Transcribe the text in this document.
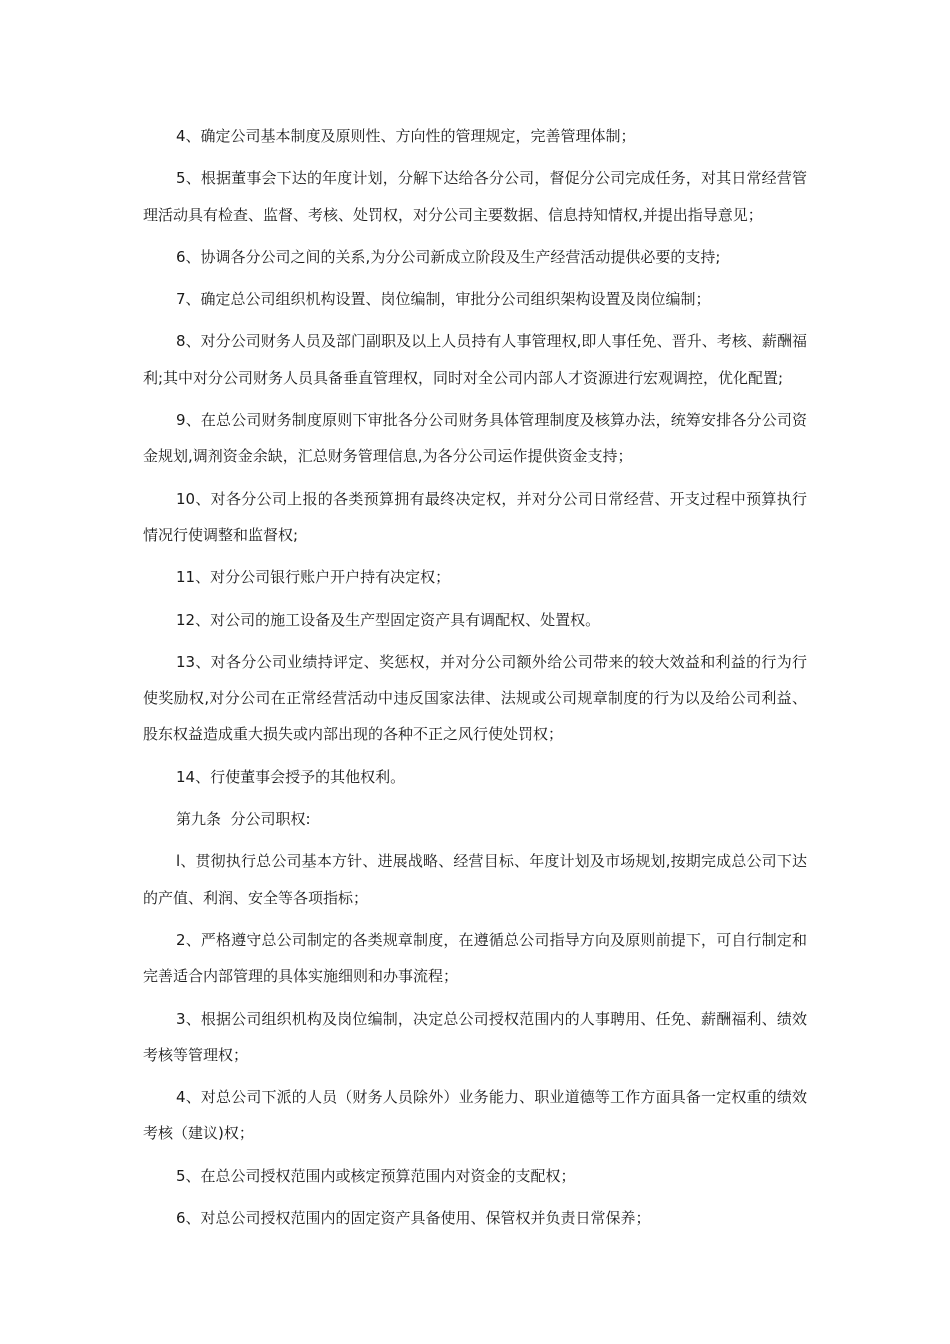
4、确定公司基本制度及原则性、方向性的管理规定，完善管理体制；

5、根据董事会下达的年度计划，分解下达给各分公司，督促分公司完成任务，对其日常经营管理活动具有检查、监督、考核、处罚权，对分公司主要数据、信息持知情权,并提出指导意见；

6、协调各分公司之间的关系,为分公司新成立阶段及生产经营活动提供必要的支持;

7、确定总公司组织机构设置、岗位编制，审批分公司组织架构设置及岗位编制；

8、对分公司财务人员及部门副职及以上人员持有人事管理权,即人事任免、晋升、考核、薪酬福利;其中对分公司财务人员具备垂直管理权，同时对全公司内部人才资源进行宏观调控，优化配置;

9、在总公司财务制度原则下审批各分公司财务具体管理制度及核算办法，统筹安排各分公司资金规划,调剂资金余缺，汇总财务管理信息,为各分公司运作提供资金支持；

10、对各分公司上报的各类预算拥有最终决定权，并对分公司日常经营、开支过程中预算执行情况行使调整和监督权;

11、对分公司银行账户开户持有决定权；

12、对公司的施工设备及生产型固定资产具有调配权、处置权。

13、对各分公司业绩持评定、奖惩权，并对分公司额外给公司带来的较大效益和利益的行为行使奖励权,对分公司在正常经营活动中违反国家法律、法规或公司规章制度的行为以及给公司利益、股东权益造成重大损失或内部出现的各种不正之风行使处罚权；

14、行使董事会授予的其他权利。

第九条  分公司职权:

l、贯彻执行总公司基本方针、进展战略、经营目标、年度计划及市场规划,按期完成总公司下达的产值、利润、安全等各项指标；

2、严格遵守总公司制定的各类规章制度，在遵循总公司指导方向及原则前提下，可自行制定和完善适合内部管理的具体实施细则和办事流程；

3、根据公司组织机构及岗位编制，决定总公司授权范围内的人事聘用、任免、薪酬福利、绩效考核等管理权；

4、对总公司下派的人员（财务人员除外）业务能力、职业道德等工作方面具备一定权重的绩效考核（建议)权；

5、在总公司授权范围内或核定预算范围内对资金的支配权；

6、对总公司授权范围内的固定资产具备使用、保管权并负责日常保养；
